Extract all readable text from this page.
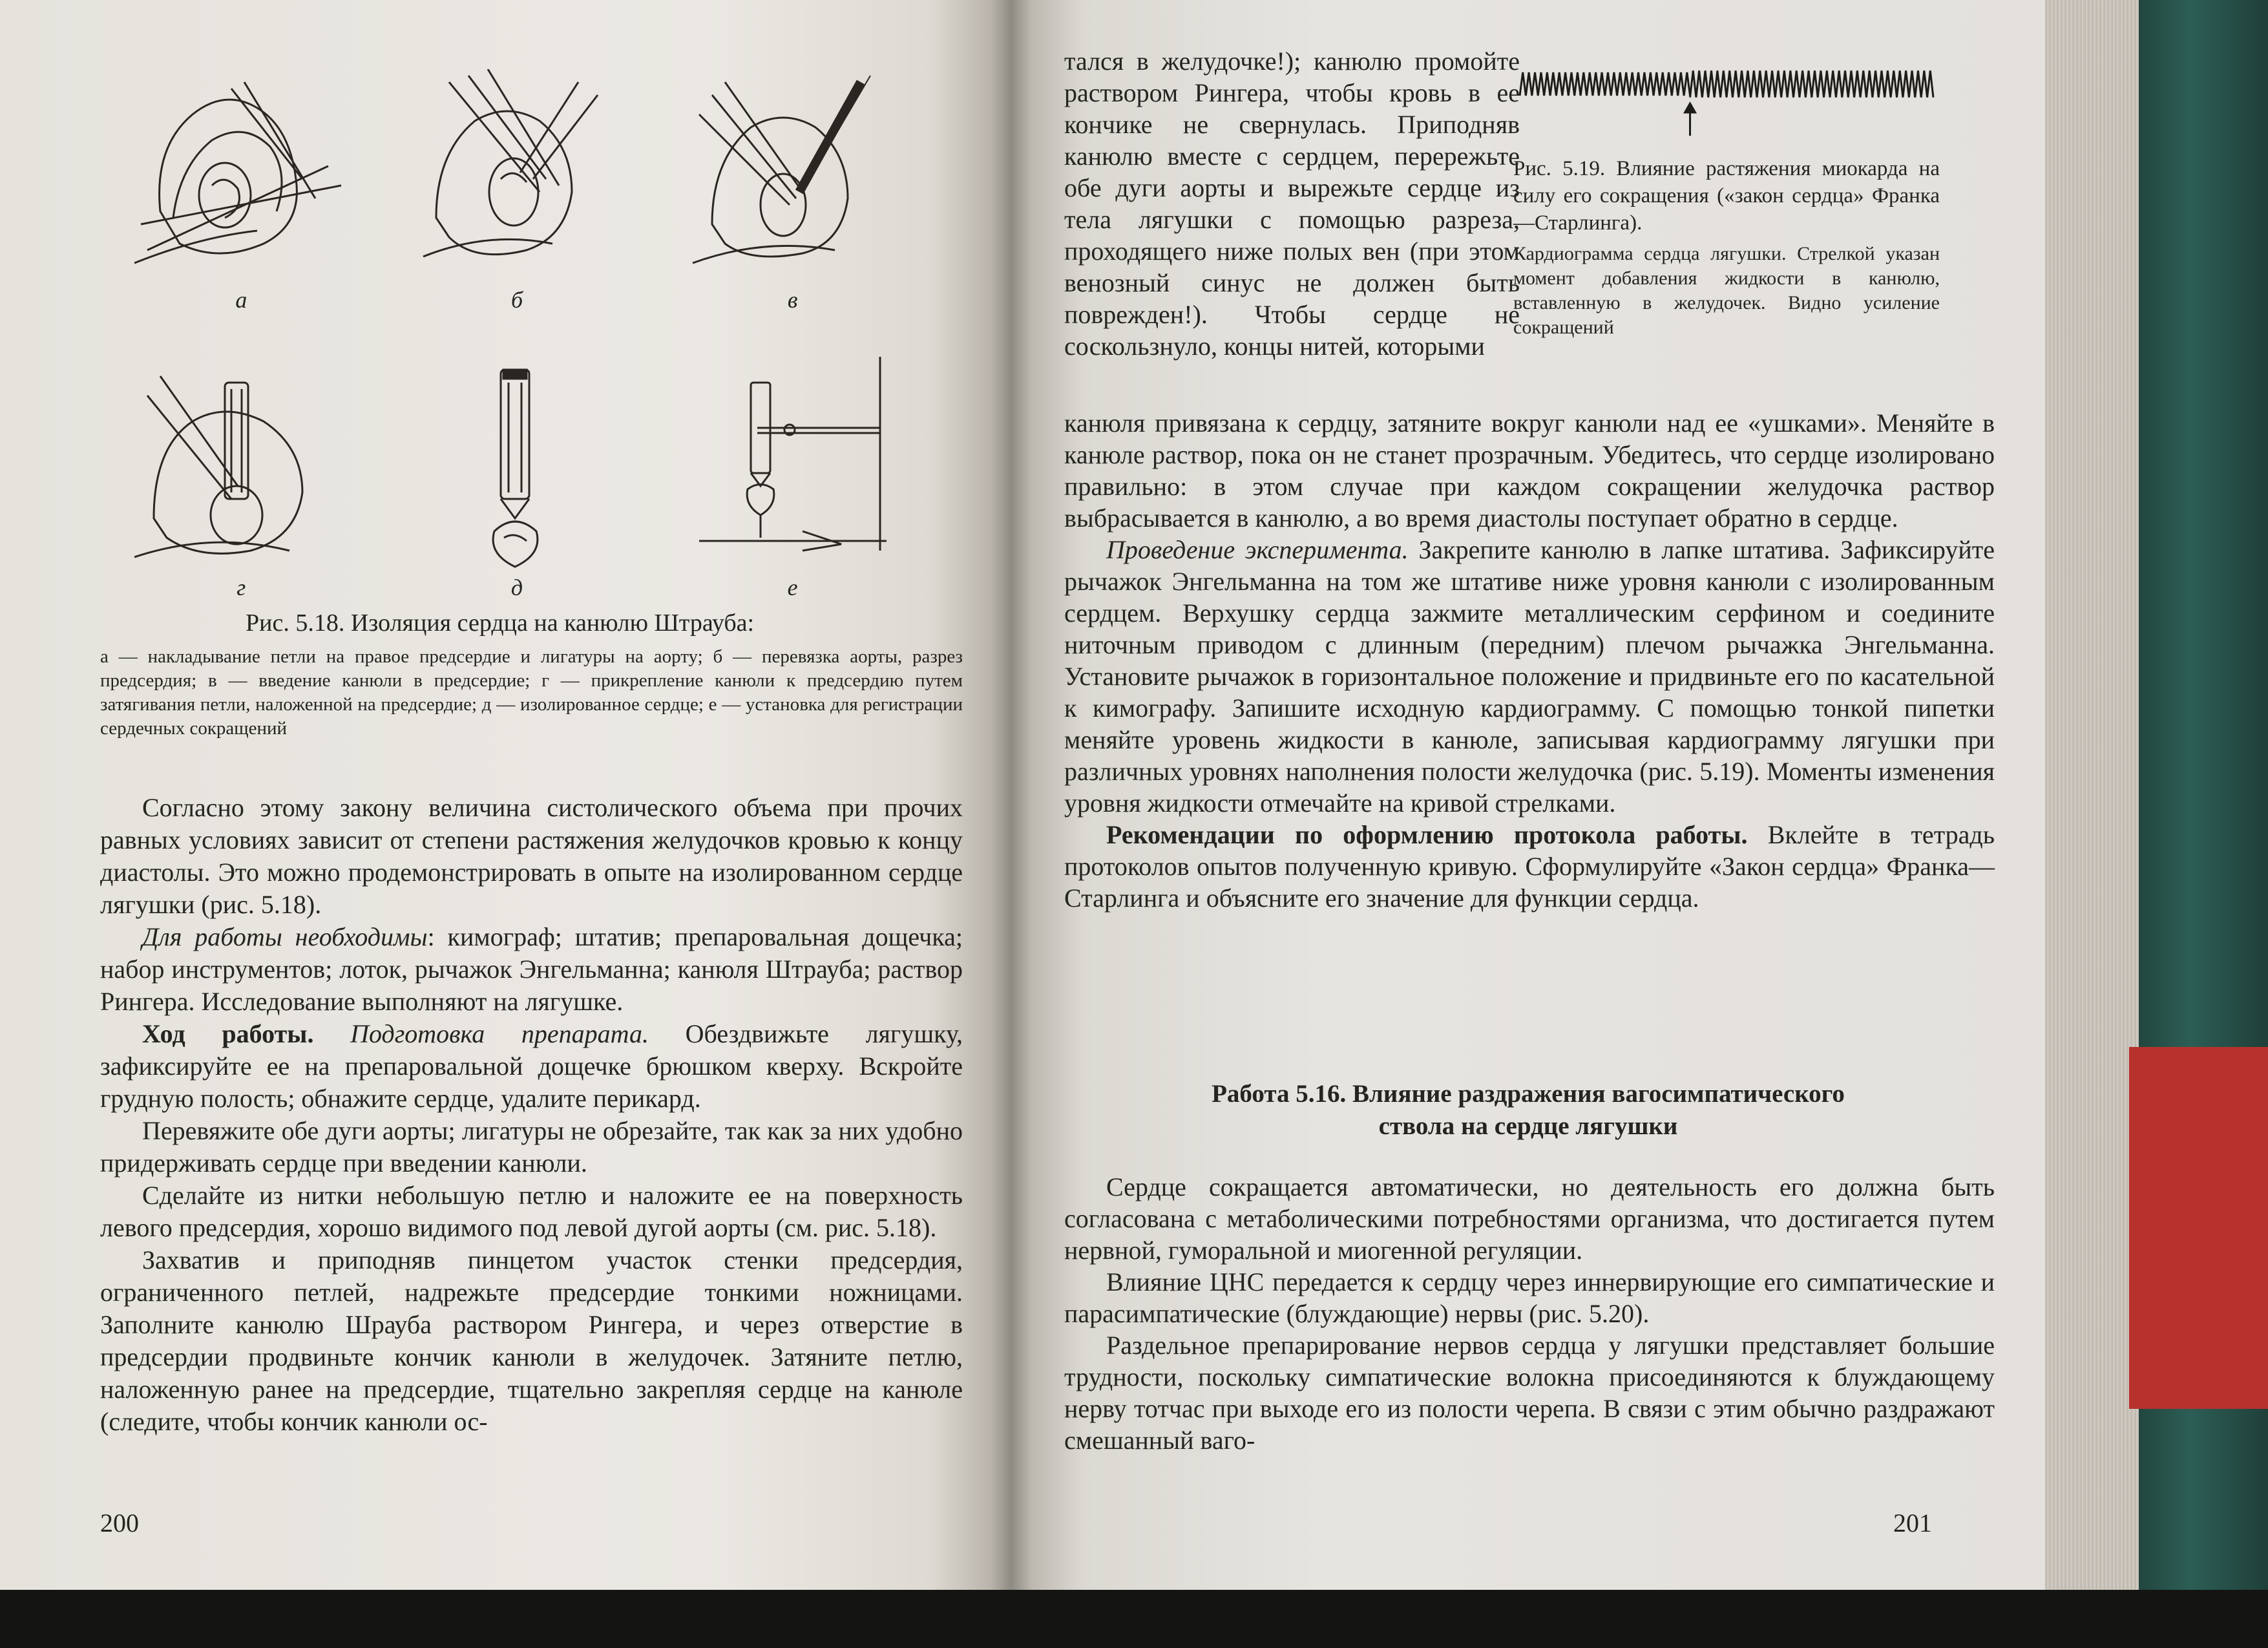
а	б	в
г	д	е
Рис. 5.18. Изоляция сердца на канюлю Штрауба:
а — накладывание петли на правое предсердие и лигатуры на аорту; б — перевязка аорты, разрез предсердия; в — введение канюли в предсердие; г — прикрепление канюли к предсердию путем затягивания петли, наложенной на предсердие; д — изолированное сердце; е — установка для регистрации сердечных сокращений

Согласно этому закону величина систолического объема при прочих равных условиях зависит от степени растяжения желудочков кровью к концу диастолы. Это можно продемонстрировать в опыте на изолированном сердце лягушки (рис. 5.18).

Для работы необходимы: кимограф; штатив; препаровальная дощечка; набор инструментов; лоток, рычажок Энгельманна; канюля Штрауба; раствор Рингера. Исследование выполняют на лягушке.

Ход работы. Подготовка препарата. Обездвижьте лягушку, зафиксируйте ее на препаровальной дощечке брюшком кверху. Вскройте грудную полость; обнажите сердце, удалите перикард.

Перевяжите обе дуги аорты; лигатуры не обрезайте, так как за них удобно придерживать сердце при введении канюли.

Сделайте из нитки небольшую петлю и наложите ее на поверхность левого предсердия, хорошо видимого под левой дугой аорты (см. рис. 5.18).

Захватив и приподняв пинцетом участок стенки предсердия, ограниченного петлей, надрежьте предсердие тонкими ножницами. Заполните канюлю Шрауба раствором Рингера, и через отверстие в предсердии продвиньте кончик канюли в желудочек. Затяните петлю, наложенную ранее на предсердие, тщательно закрепляя сердце на канюле (следите, чтобы кончик канюли ос-

200

тался в желудочке!); канюлю промойте раствором Рингера, чтобы кровь в ее кончике не свернулась. Приподняв канюлю вместе с сердцем, перережьте обе дуги аорты и вырежьте сердце из тела лягушки с помощью разреза, проходящего ниже полых вен (при этом венозный синус не должен быть поврежден!). Чтобы сердце не соскользнуло, концы нитей, которыми

Рис. 5.19. Влияние растяжения миокарда на силу его сокращения («закон сердца» Франка—Старлинга).
Кардиограмма сердца лягушки. Стрелкой указан момент добавления жидкости в канюлю, вставленную в желудочек. Видно усиление сокращений

канюля привязана к сердцу, затяните вокруг канюли над ее «ушками». Меняйте в канюле раствор, пока он не станет прозрачным. Убедитесь, что сердце изолировано правильно: в этом случае при каждом сокращении желудочка раствор выбрасывается в канюлю, а во время диастолы поступает обратно в сердце.

Проведение эксперимента. Закрепите канюлю в лапке штатива. Зафиксируйте рычажок Энгельманна на том же штативе ниже уровня канюли с изолированным сердцем. Верхушку сердца зажмите металлическим серфином и соедините ниточным приводом с длинным (передним) плечом рычажка Энгельманна. Установите рычажок в горизонтальное положение и придвиньте его по касательной к кимографу. Запишите исходную кардиограмму. С помощью тонкой пипетки меняйте уровень жидкости в канюле, записывая кардиограмму лягушки при различных уровнях наполнения полости желудочка (рис. 5.19). Моменты изменения уровня жидкости отмечайте на кривой стрелками.

Рекомендации по оформлению протокола работы. Вклейте в тетрадь протоколов опытов полученную кривую. Сформулируйте «Закон сердца» Франка—Старлинга и объясните его значение для функции сердца.

Работа 5.16. Влияние раздражения вагосимпатического
ствола на сердце лягушки

Сердце сокращается автоматически, но деятельность его должна быть согласована с метаболическими потребностями организма, что достигается путем нервной, гуморальной и миогенной регуляции.

Влияние ЦНС передается к сердцу через иннервирующие его симпатические и парасимпатические (блуждающие) нервы (рис. 5.20).

Раздельное препарирование нервов сердца у лягушки представляет большие трудности, поскольку симпатические волокна присоединяются к блуждающему нерву тотчас при выходе его из полости черепа. В связи с этим обычно раздражают смешанный ваго-

201
